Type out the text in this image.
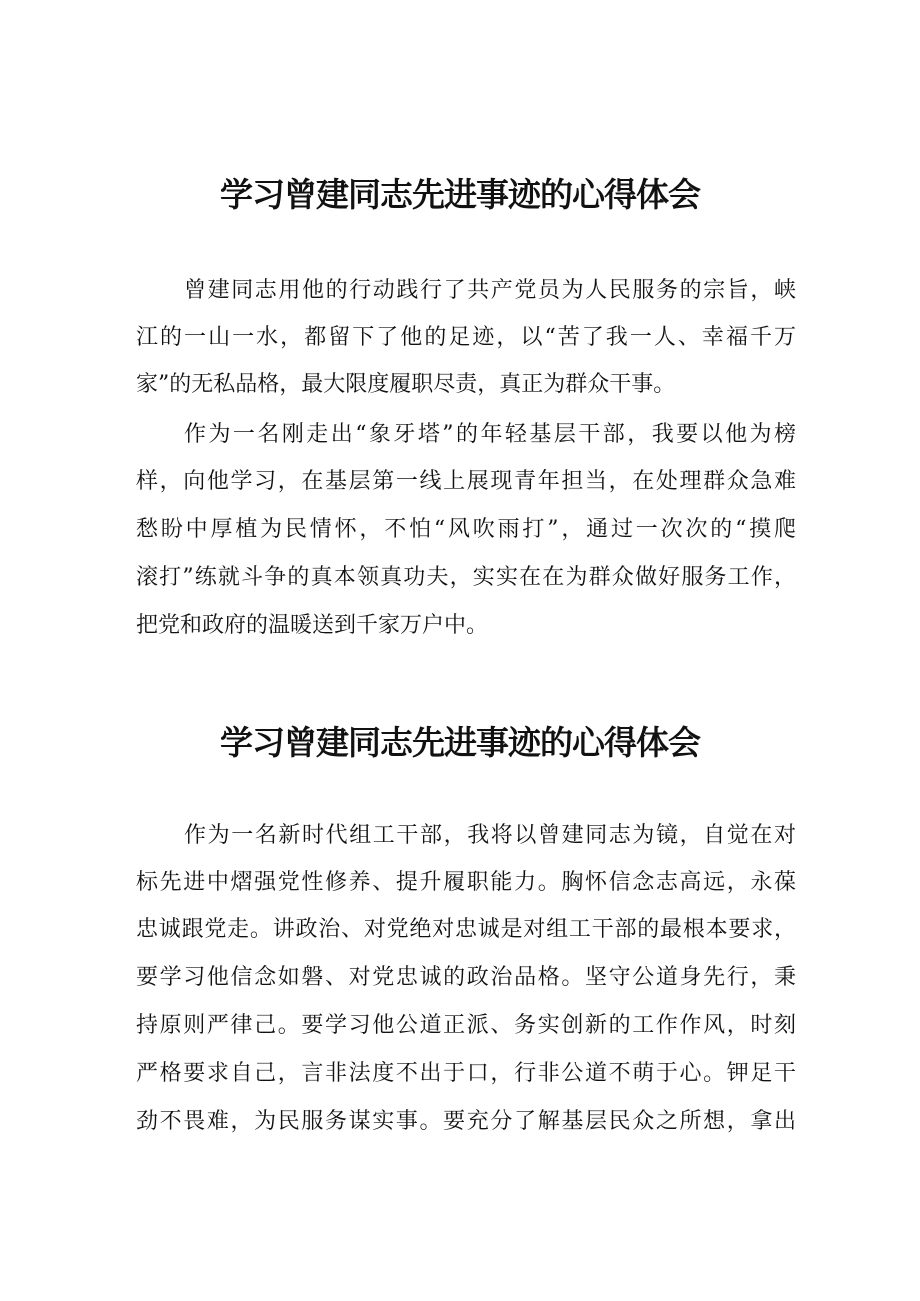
学习曾建同志先进事迹的心得体会

曾建同志用他的行动践行了共产党员为人民服务的宗旨，峡

江的一山一水，都留下了他的足迹，以“苦了我一人、幸福千万

家”的无私品格，最大限度履职尽责，真正为群众干事。

作为一名刚走出“象牙塔”的年轻基层干部，我要以他为榜

样，向他学习，在基层第一线上展现青年担当，在处理群众急难

愁盼中厚植为民情怀，不怕“风吹雨打”，通过一次次的“摸爬

滚打”练就斗争的真本领真功夫，实实在在为群众做好服务工作，

把党和政府的温暖送到千家万户中。

学习曾建同志先进事迹的心得体会

作为一名新时代组工干部，我将以曾建同志为镜，自觉在对

标先进中熠强党性修养、提升履职能力。胸怀信念志高远，永葆

忠诚跟党走。讲政治、对党绝对忠诚是对组工干部的最根本要求，

要学习他信念如磐、对党忠诚的政治品格。坚守公道身先行，秉

持原则严律己。要学习他公道正派、务实创新的工作作风，时刻

严格要求自己，言非法度不出于口，行非公道不萌于心。钾足干

劲不畏难，为民服务谋实事。要充分了解基层民众之所想，拿出
